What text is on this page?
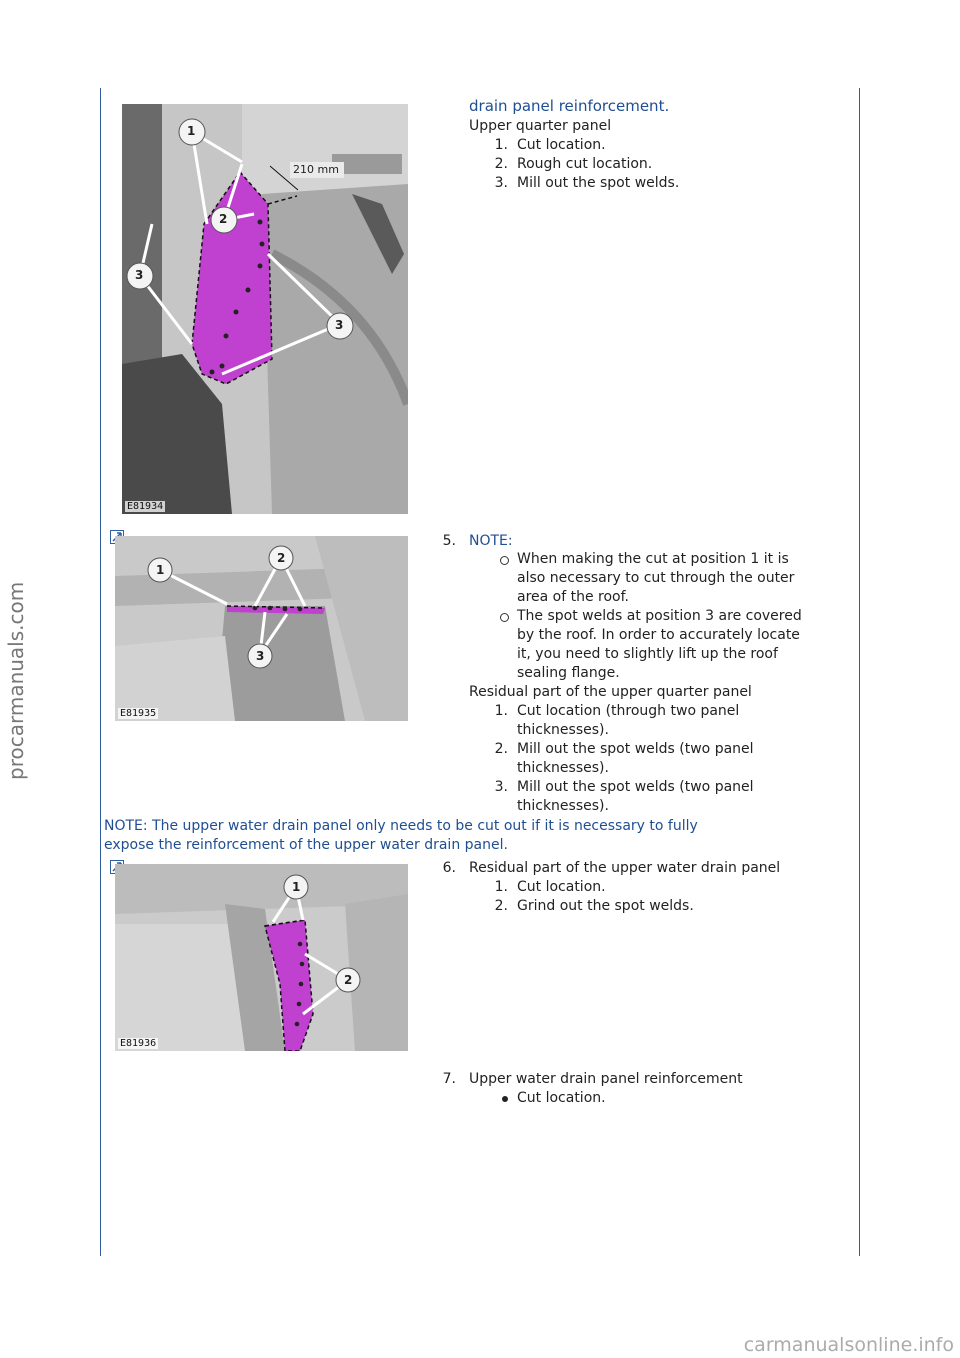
procarmanuals.com
carmanualsonline.info
1
2
3
3
210 mm
E81934
drain panel reinforcement.
Upper quarter panel
1. Cut location.
2. Rough cut location.
3. Mill out the spot welds.
1
2
3
E81935
5. NOTE:
When making the cut at position 1 it is
also necessary to cut through the outer
area of the roof.
The spot welds at position 3 are covered
by the roof. In order to accurately locate
it, you need to slightly lift up the roof
sealing flange.
Residual part of the upper quarter panel
1. Cut location (through two panel
thicknesses).
2. Mill out the spot welds (two panel
thicknesses).
3. Mill out the spot welds (two panel
thicknesses).
NOTE: The upper water drain panel only needs to be cut out if it is necessary to fully
expose the reinforcement of the upper water drain panel.
1
2
E81936
6. Residual part of the upper water drain panel
1. Cut location.
2. Grind out the spot welds.
7. Upper water drain panel reinforcement
Cut location.
